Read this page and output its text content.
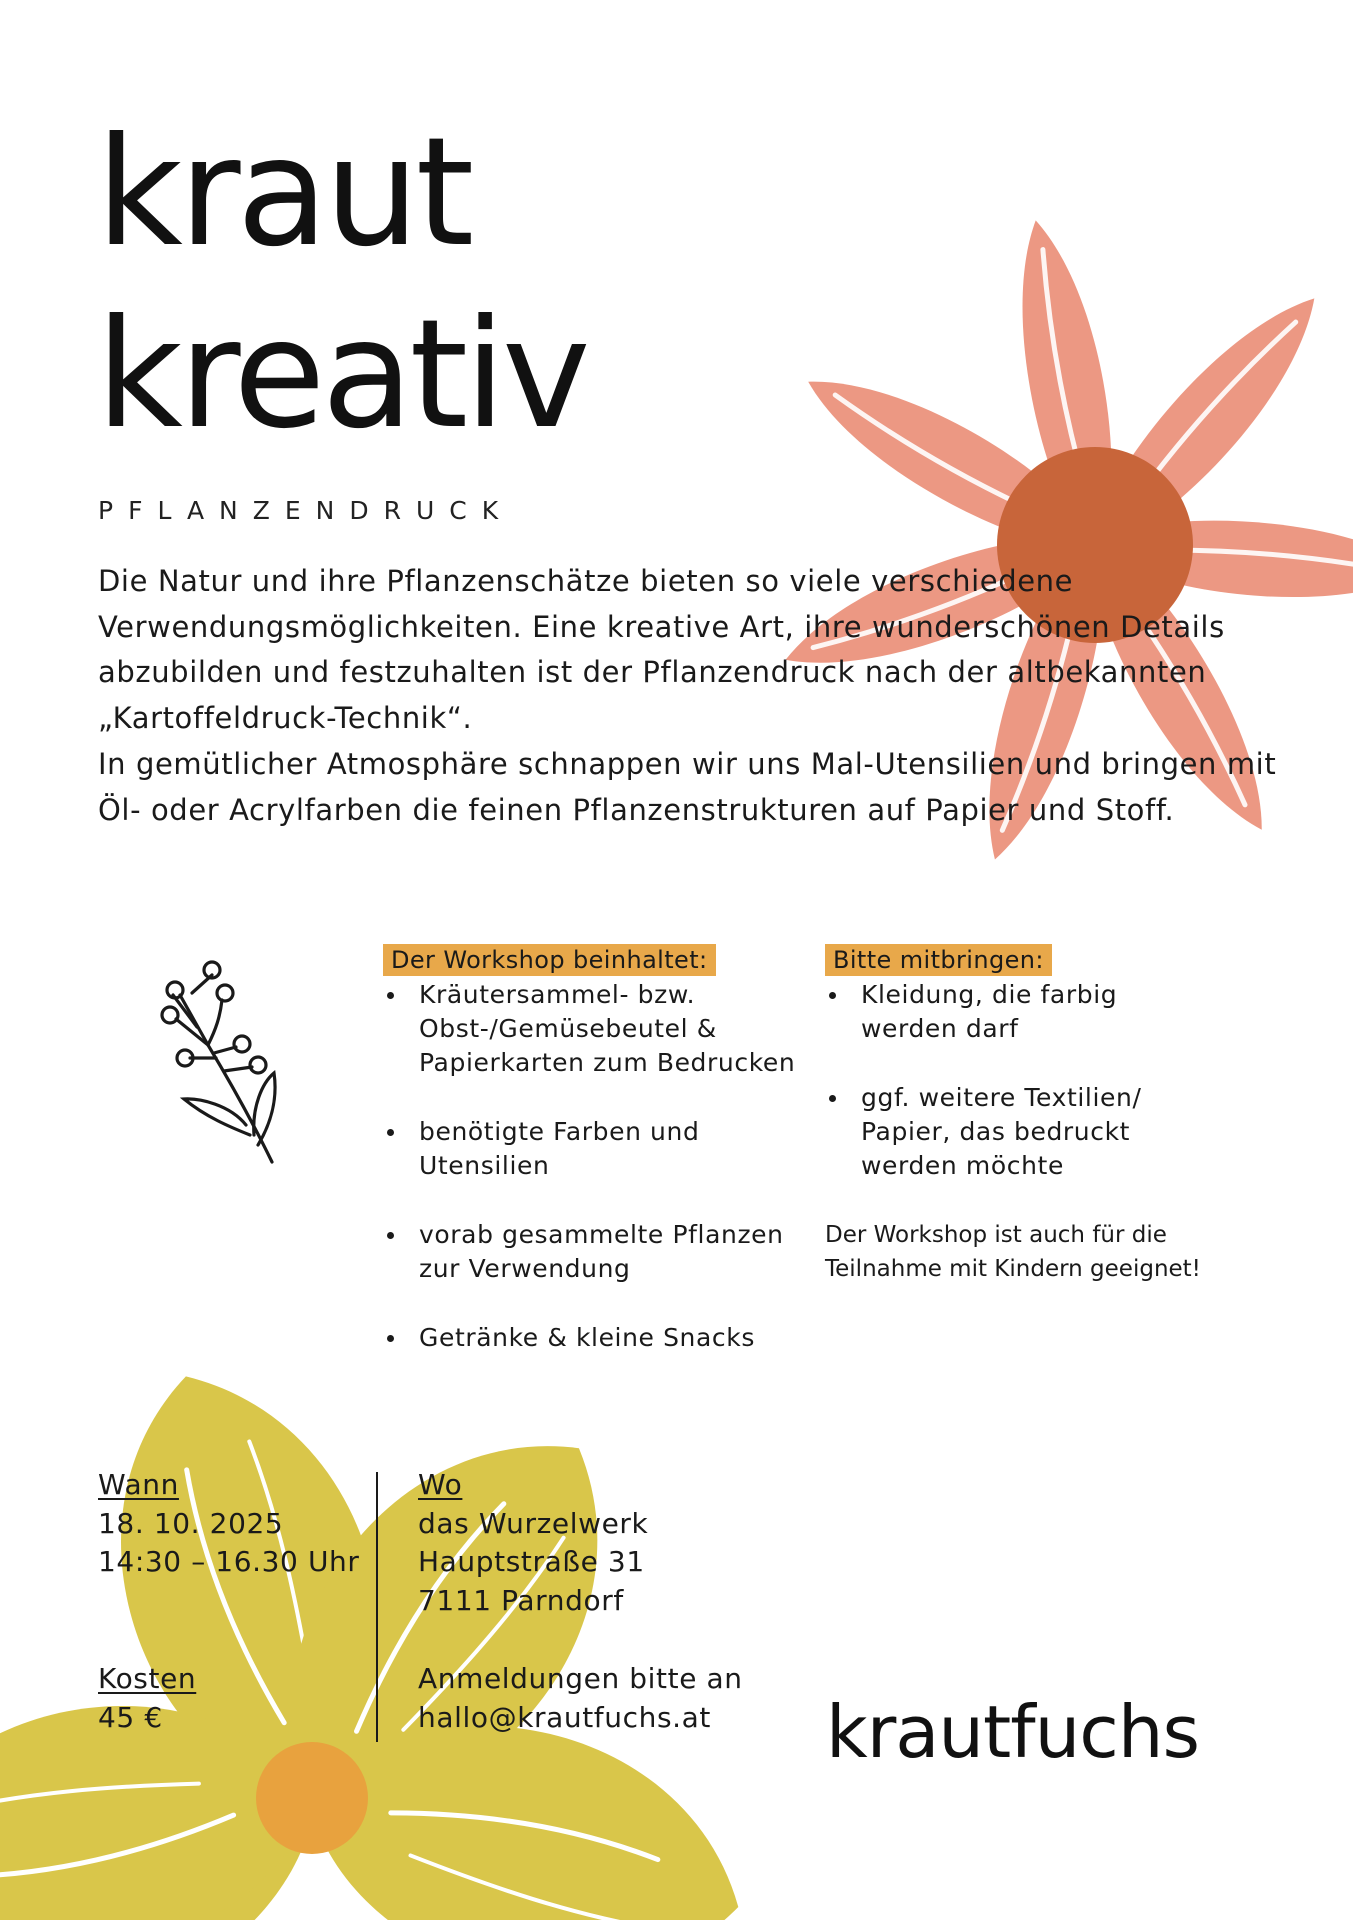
kraut
kreativ
PFLANZENDRUCK

Die Natur und ihre Pflanzenschätze bieten so viele verschiedene Verwendungsmöglichkeiten. Eine kreative Art, ihre wunderschönen Details abzubilden und festzuhalten ist der Pflanzendruck nach der altbekannten „Kartoffeldruck-Technik“.

In gemütlicher Atmosphäre schnappen wir uns Mal-Utensilien und bringen mit Öl- oder Acrylfarben die feinen Pflanzenstrukturen auf Papier und Stoff.

Der Workshop beinhaltet:
Kräutersammel- bzw. Obst-/Gemüsebeutel & Papierkarten zum Bedrucken
benötigte Farben und Utensilien
vorab gesammelte Pflanzen zur Verwendung
Getränke & kleine Snacks
Bitte mitbringen:
Kleidung, die farbig werden darf
ggf. weitere Textilien/ Papier, das bedruckt werden möchte
Der Workshop ist auch für die Teilnahme mit Kindern geeignet!
Wann
18. 10. 2025
14:30 – 16.30 Uhr
Kosten
45 €
Wo
das Wurzelwerk
Hauptstraße 31
7111 Parndorf
Anmeldungen bitte an
hallo@krautfuchs.at	krautfuchs
